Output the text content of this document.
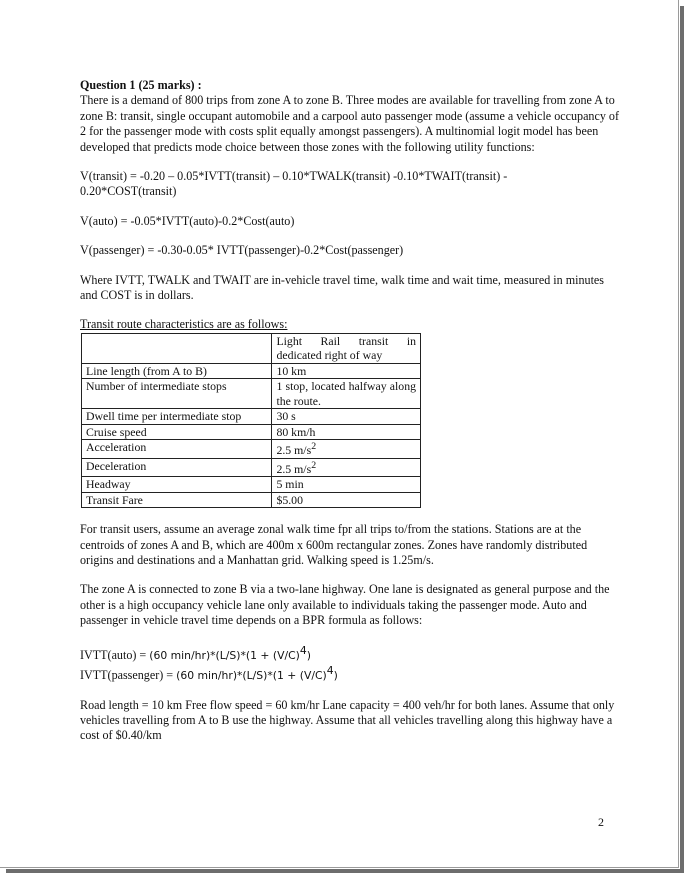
Question 1 (25 marks) :

There is a demand of 800 trips from zone A to zone B. Three modes are available for travelling from zone A to zone B: transit, single occupant automobile and a carpool auto passenger mode (assume a vehicle occupancy of 2 for the passenger mode with costs split equally amongst passengers). A multinomial logit model has been developed that predicts mode choice between those zones with the following utility functions:

V(transit) = -0.20 – 0.05*IVTT(transit) – 0.10*TWALK(transit) -0.10*TWAIT(transit) -

0.20*COST(transit)

V(auto) = -0.05*IVTT(auto)-0.2*Cost(auto)

V(passenger) = -0.30-0.05* IVTT(passenger)-0.2*Cost(passenger)

Where IVTT, TWALK and TWAIT are in-vehicle travel time, walk time and wait time, measured in minutes and COST is in dollars.

Transit route characteristics are as follows:

	Light Rail transit in dedicated right of way
Line length (from A to B)	10 km
Number of intermediate stops	1 stop, located halfway along the route.
Dwell time per intermediate stop	30 s
Cruise speed	80 km/h
Acceleration	2.5 $m/s^2$
Deceleration	2.5 $m/s^2$
Headway	5 min
Transit Fare	$5.00

For transit users, assume an average zonal walk time fpr all trips to/from the stations. Stations are at the centroids of zones A and B, which are 400m x 600m rectangular zones. Zones have randomly distributed origins and destinations and a Manhattan grid. Walking speed is 1.25m/s.

The zone A is connected to zone B via a two-lane highway. One lane is designated as general purpose and the other is a high occupancy vehicle lane only available to individuals taking the passenger mode. Auto and passenger in vehicle travel time depends on a BPR formula as follows:

IVTT(auto) = (60 $\min/hr)*(L/S)*(1 + (V/C)^4)$

IVTT(passenger) = (60 $\min/hr)*(L/S)*(1 + (V/C)^4)$

Road length = 10 km Free flow speed = 60 km/hr Lane capacity = 400 veh/hr for both lanes. Assume that only vehicles travelling from A to B use the highway. Assume that all vehicles travelling along this highway have a cost of $0.40/km

2
